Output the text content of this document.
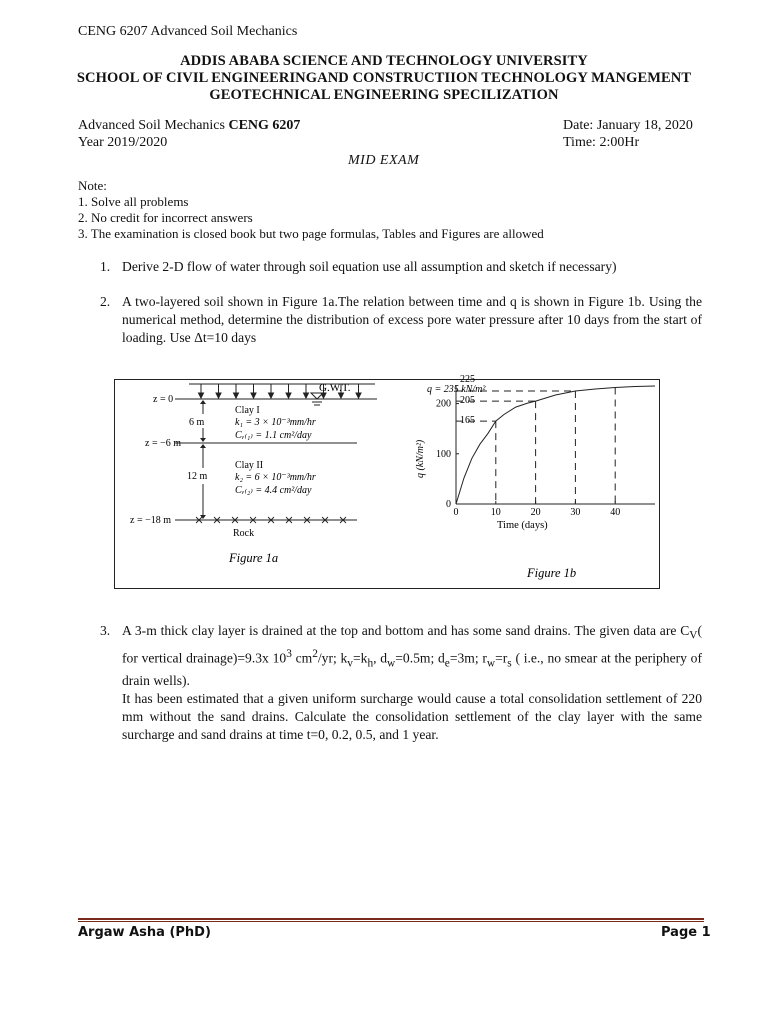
CENG 6207 Advanced Soil Mechanics
ADDIS ABABA SCIENCE AND TECHNOLOGY UNIVERSITY
SCHOOL OF CIVIL ENGINEERINGAND CONSTRUCTIION TECHNOLOGY MANGEMENT
GEOTECHNICAL ENGINEERING SPECILIZATION
Advanced Soil Mechanics CENG 6207	Date: January 18, 2020
Year 2019/2020	Time: 2:00Hr
MID EXAM
Note:
1. Solve all problems
2. No credit for incorrect answers
3. The examination is closed book but two page formulas, Tables and Figures are allowed
1. Derive 2-D flow of water through soil equation use all assumption and sketch if necessary)
2. A two-layered soil shown in Figure 1a.The relation between time and q is shown in Figure 1b. Using the numerical method, determine the distribution of excess pore water pressure after 10 days from the start of loading. Use Δt=10 days
G.W.T.
z = 0
z = −6 m
z = −18 m
6 m
12 m
Clay I
k₁ = 3 × 10⁻³mm/hr
Cᵥ₍₁₎ = 1.1 cm²/day
Clay II
k₂ = 6 × 10⁻³mm/hr
Cᵥ₍₂₎ = 4.4 cm²/day
Rock
Figure 1a
0	10	20	30	40
0
100
200
225
205
165
q = 235 kN/m²
Time (days)
q (kN/m²)
Figure 1b
3. A 3-m thick clay layer is drained at the top and bottom and has some sand drains. The given data are $C_V$( for vertical drainage)=9.3x $10^3$ $cm^2/yr$; $k_v=k_h$, $d_w=0.5m$; $d_e=3m$; $r_w=r_s$ ( i.e., no smear at the periphery of drain wells).
It has been estimated that a given uniform surcharge would cause a total consolidation settlement of 220 mm without the sand drains. Calculate the consolidation settlement of the clay layer with the same surcharge and sand drains at time t=0, 0.2, 0.5, and 1 year.
Argaw Asha (PhD)	Page 1
